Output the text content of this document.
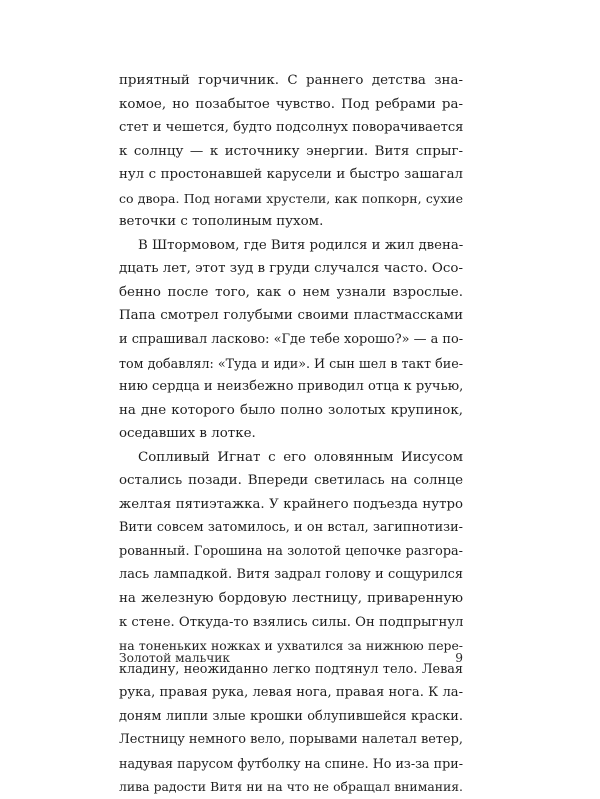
приятный горчичник. С раннего детства зна-
комое, но позабытое чувство. Под ребрами ра-
стет и чешется, будто подсолнух поворачивается
к солнцу — к источнику энергии. Витя спрыг-
нул с простонавшей карусели и быстро зашагал
со двора. Под ногами хрустели, как попкорн, сухие
веточки с тополиным пухом.
В Штормовом, где Витя родился и жил двена-
дцать лет, этот зуд в груди случался часто. Осо-
бенно после того, как о нем узнали взрослые.
Папа смотрел голубыми своими пластмассками
и спрашивал ласково: «Где тебе хорошо?» — а по-
том добавлял: «Туда и иди». И сын шел в такт бие-
нию сердца и неизбежно приводил отца к ручью,
на дне которого было полно золотых крупинок,
оседавших в лотке.
Сопливый Игнат с его оловянным Иисусом
остались позади. Впереди светилась на солнце
желтая пятиэтажка. У крайнего подъезда нутро
Вити совсем затомилось, и он встал, загипнотизи-
рованный. Горошина на золотой цепочке разгора-
лась лампадкой. Витя задрал голову и сощурился
на железную бордовую лестницу, приваренную
к стене. Откуда-то взялись силы. Он подпрыгнул
на тоненьких ножках и ухватился за нижнюю пере-
кладину, неожиданно легко подтянул тело. Левая
рука, правая рука, левая нога, правая нога. К ла-
доням липли злые крошки облупившейся краски.
Лестницу немного вело, порывами налетал ветер,
надувая парусом футболку на спине. Но из-за при-
лива радости Витя ни на что не обращал внимания.
Золотой мальчик	9
